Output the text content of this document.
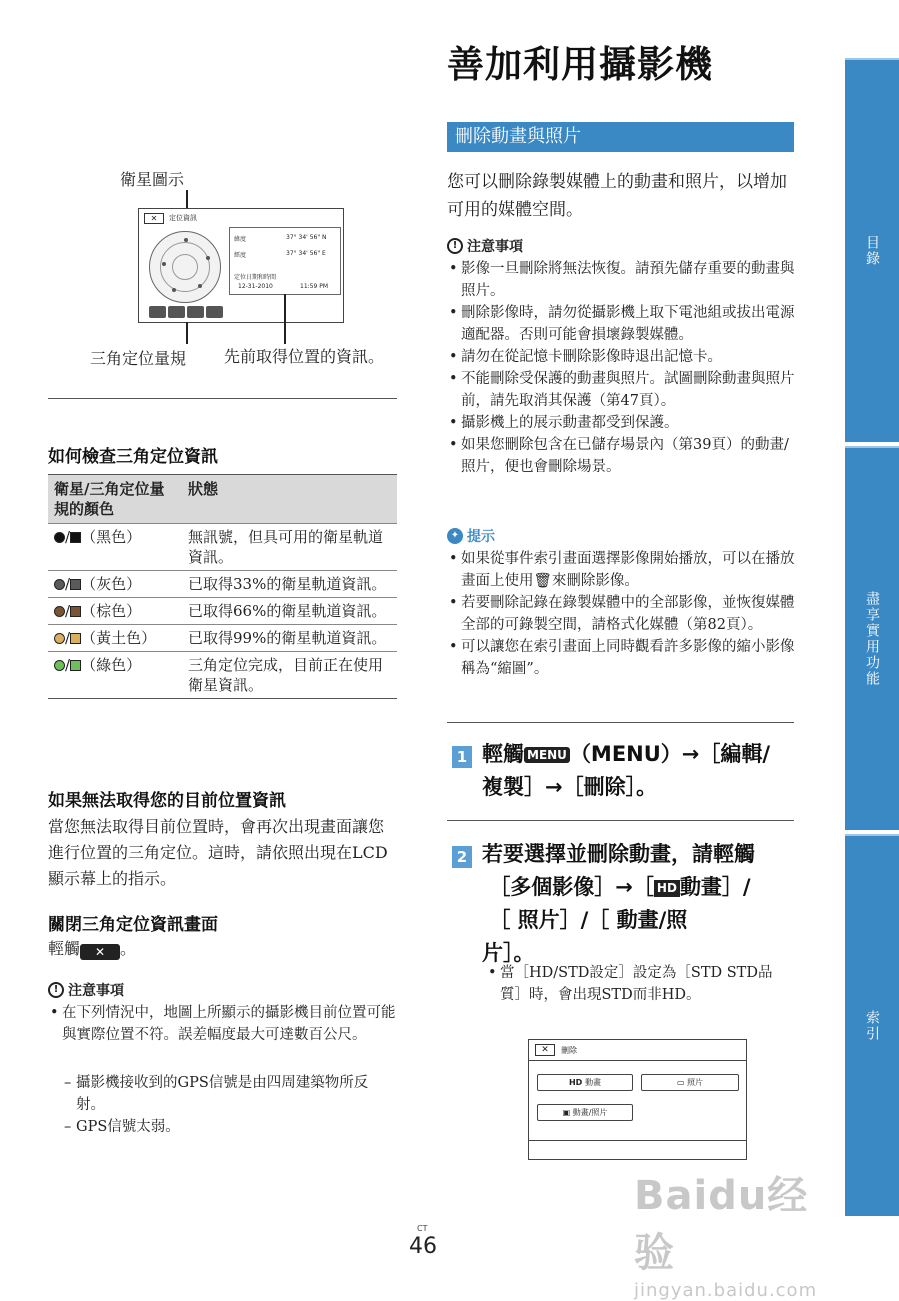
善加利用攝影機
目錄
盡享實用功能
索引
衛星圖示
✕	定位資訊
緯度	37° 34' 56" N
經度	37° 34' 56" E
定位日期和時間
12-31-2010	11:59 PM
三角定位量規 先前取得位置的資訊。
如何檢查三角定位資訊
衛星/三角定位量規的顏色	狀態
/ （黑色）	無訊號，但具可用的衛星軌道資訊。
/ （灰色）	已取得33%的衛星軌道資訊。
/ （棕色）	已取得66%的衛星軌道資訊。
/ （黃土色）	已取得99%的衛星軌道資訊。
/ （綠色）	三角定位完成，目前正在使用衛星資訊。
如果無法取得您的目前位置資訊
當您無法取得目前位置時，會再次出現畫面讓您進行位置的三角定位。這時，請依照出現在LCD顯示幕上的指示。
關閉三角定位資訊畫面
輕觸 ✕ 。
! 注意事項
• 在下列情況中，地圖上所顯示的攝影機目前位置可能與實際位置不符。誤差幅度最大可達數百公尺。
– 攝影機接收到的GPS信號是由四周建築物所反射。
– GPS信號太弱。
刪除動畫與照片
您可以刪除錄製媒體上的動畫和照片，以增加可用的媒體空間。
! 注意事項
• 影像一旦刪除將無法恢復。請預先儲存重要的動畫與照片。
• 刪除影像時，請勿從攝影機上取下電池組或拔出電源適配器。否則可能會損壞錄製媒體。
• 請勿在從記憶卡刪除影像時退出記憶卡。
• 不能刪除受保護的動畫與照片。試圖刪除動畫與照片前，請先取消其保護（第47頁）。
• 攝影機上的展示動畫都受到保護。
• 如果您刪除包含在已儲存場景內（第39頁）的動畫/照片，便也會刪除場景。
✦ 提示
• 如果從事件索引畫面選擇影像開始播放，可以在播放畫面上使用🗑來刪除影像。
• 若要刪除記錄在錄製媒體中的全部影像，並恢復媒體全部的可錄製空間，請格式化媒體（第82頁）。
• 可以讓您在索引畫面上同時觀看許多影像的縮小影像稱為“縮圖”。
1 輕觸 MENU （MENU）→［編輯/複製］→［刪除］。
2 若要選擇並刪除動畫，請輕觸
［多個影像］→［ HD 動畫］/
［ 照片］/［ 動畫/照
片］。
• 當［HD/STD設定］設定為［STD STD品質］時，會出現STD而非HD。
✕	刪除
HD 動畫	▭ 照片
▣ 動畫/照片
CT
46
Baidu经验
jingyan.baidu.com
